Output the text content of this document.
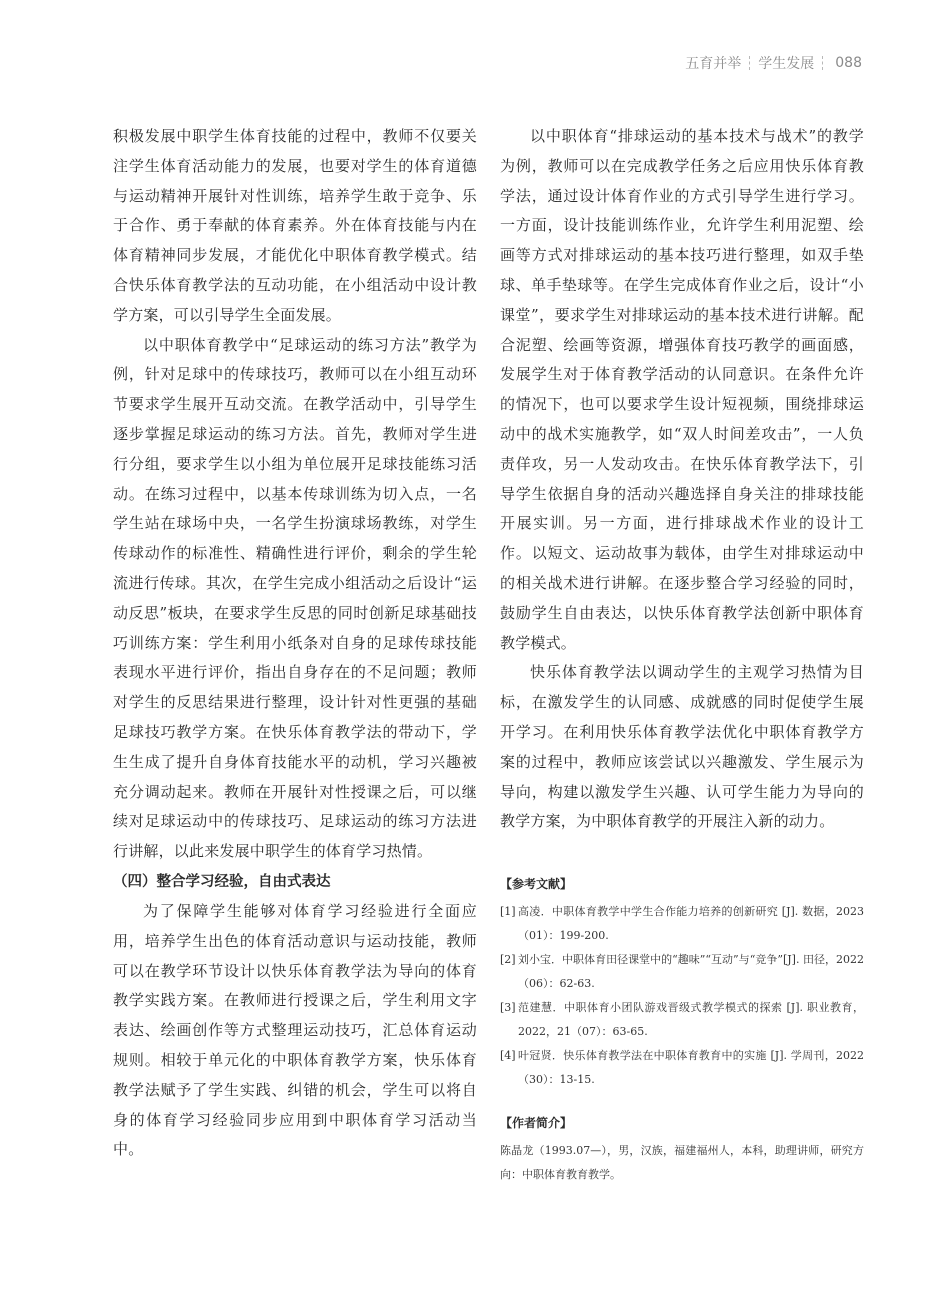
五育并举 学生发展 088

积极发展中职学生体育技能的过程中，教师不仅要关注学生体育活动能力的发展，也要对学生的体育道德与运动精神开展针对性训练，培养学生敢于竞争、乐于合作、勇于奉献的体育素养。外在体育技能与内在体育精神同步发展，才能优化中职体育教学模式。结合快乐体育教学法的互动功能，在小组活动中设计教学方案，可以引导学生全面发展。

以中职体育教学中“足球运动的练习方法”教学为例，针对足球中的传球技巧，教师可以在小组互动环节要求学生展开互动交流。在教学活动中，引导学生逐步掌握足球运动的练习方法。首先，教师对学生进行分组，要求学生以小组为单位展开足球技能练习活动。在练习过程中，以基本传球训练为切入点，一名学生站在球场中央，一名学生扮演球场教练，对学生传球动作的标准性、精确性进行评价，剩余的学生轮流进行传球。其次，在学生完成小组活动之后设计“运动反思”板块，在要求学生反思的同时创新足球基础技巧训练方案：学生利用小纸条对自身的足球传球技能表现水平进行评价，指出自身存在的不足问题；教师对学生的反思结果进行整理，设计针对性更强的基础足球技巧教学方案。在快乐体育教学法的带动下，学生生成了提升自身体育技能水平的动机，学习兴趣被充分调动起来。教师在开展针对性授课之后，可以继续对足球运动中的传球技巧、足球运动的练习方法进行讲解，以此来发展中职学生的体育学习热情。

（四）整合学习经验，自由式表达

为了保障学生能够对体育学习经验进行全面应用，培养学生出色的体育活动意识与运动技能，教师可以在教学环节设计以快乐体育教学法为导向的体育教学实践方案。在教师进行授课之后，学生利用文字表达、绘画创作等方式整理运动技巧，汇总体育运动规则。相较于单元化的中职体育教学方案，快乐体育教学法赋予了学生实践、纠错的机会，学生可以将自身的体育学习经验同步应用到中职体育学习活动当中。

以中职体育“排球运动的基本技术与战术”的教学为例，教师可以在完成教学任务之后应用快乐体育教学法，通过设计体育作业的方式引导学生进行学习。一方面，设计技能训练作业，允许学生利用泥塑、绘画等方式对排球运动的基本技巧进行整理，如双手垫球、单手垫球等。在学生完成体育作业之后，设计“小课堂”，要求学生对排球运动的基本技术进行讲解。配合泥塑、绘画等资源，增强体育技巧教学的画面感，发展学生对于体育教学活动的认同意识。在条件允许的情况下，也可以要求学生设计短视频，围绕排球运动中的战术实施教学，如“双人时间差攻击”，一人负责佯攻，另一人发动攻击。在快乐体育教学法下，引导学生依据自身的活动兴趣选择自身关注的排球技能开展实训。另一方面，进行排球战术作业的设计工作。以短文、运动故事为载体，由学生对排球运动中的相关战术进行讲解。在逐步整合学习经验的同时，鼓励学生自由表达，以快乐体育教学法创新中职体育教学模式。

快乐体育教学法以调动学生的主观学习热情为目标，在激发学生的认同感、成就感的同时促使学生展开学习。在利用快乐体育教学法优化中职体育教学方案的过程中，教师应该尝试以兴趣激发、学生展示为导向，构建以激发学生兴趣、认可学生能力为导向的教学方案，为中职体育教学的开展注入新的动力。

【参考文献】

[1] 高凌．中职体育教学中学生合作能力培养的创新研究 [J]. 数据，2023（01）：199-200.
[2] 刘小宝．中职体育田径课堂中的“趣味”“互动”与“竞争”[J]. 田径，2022（06）：62-63.
[3] 范建慧．中职体育小团队游戏晋级式教学模式的探索 [J]. 职业教育，2022，21（07）：63-65.
[4] 叶冠贤．快乐体育教学法在中职体育教育中的实施 [J]. 学周刊，2022（30）：13-15.

【作者简介】

陈晶龙（1993.07—），男，汉族，福建福州人，本科，助理讲师，研究方向：中职体育教育教学。
